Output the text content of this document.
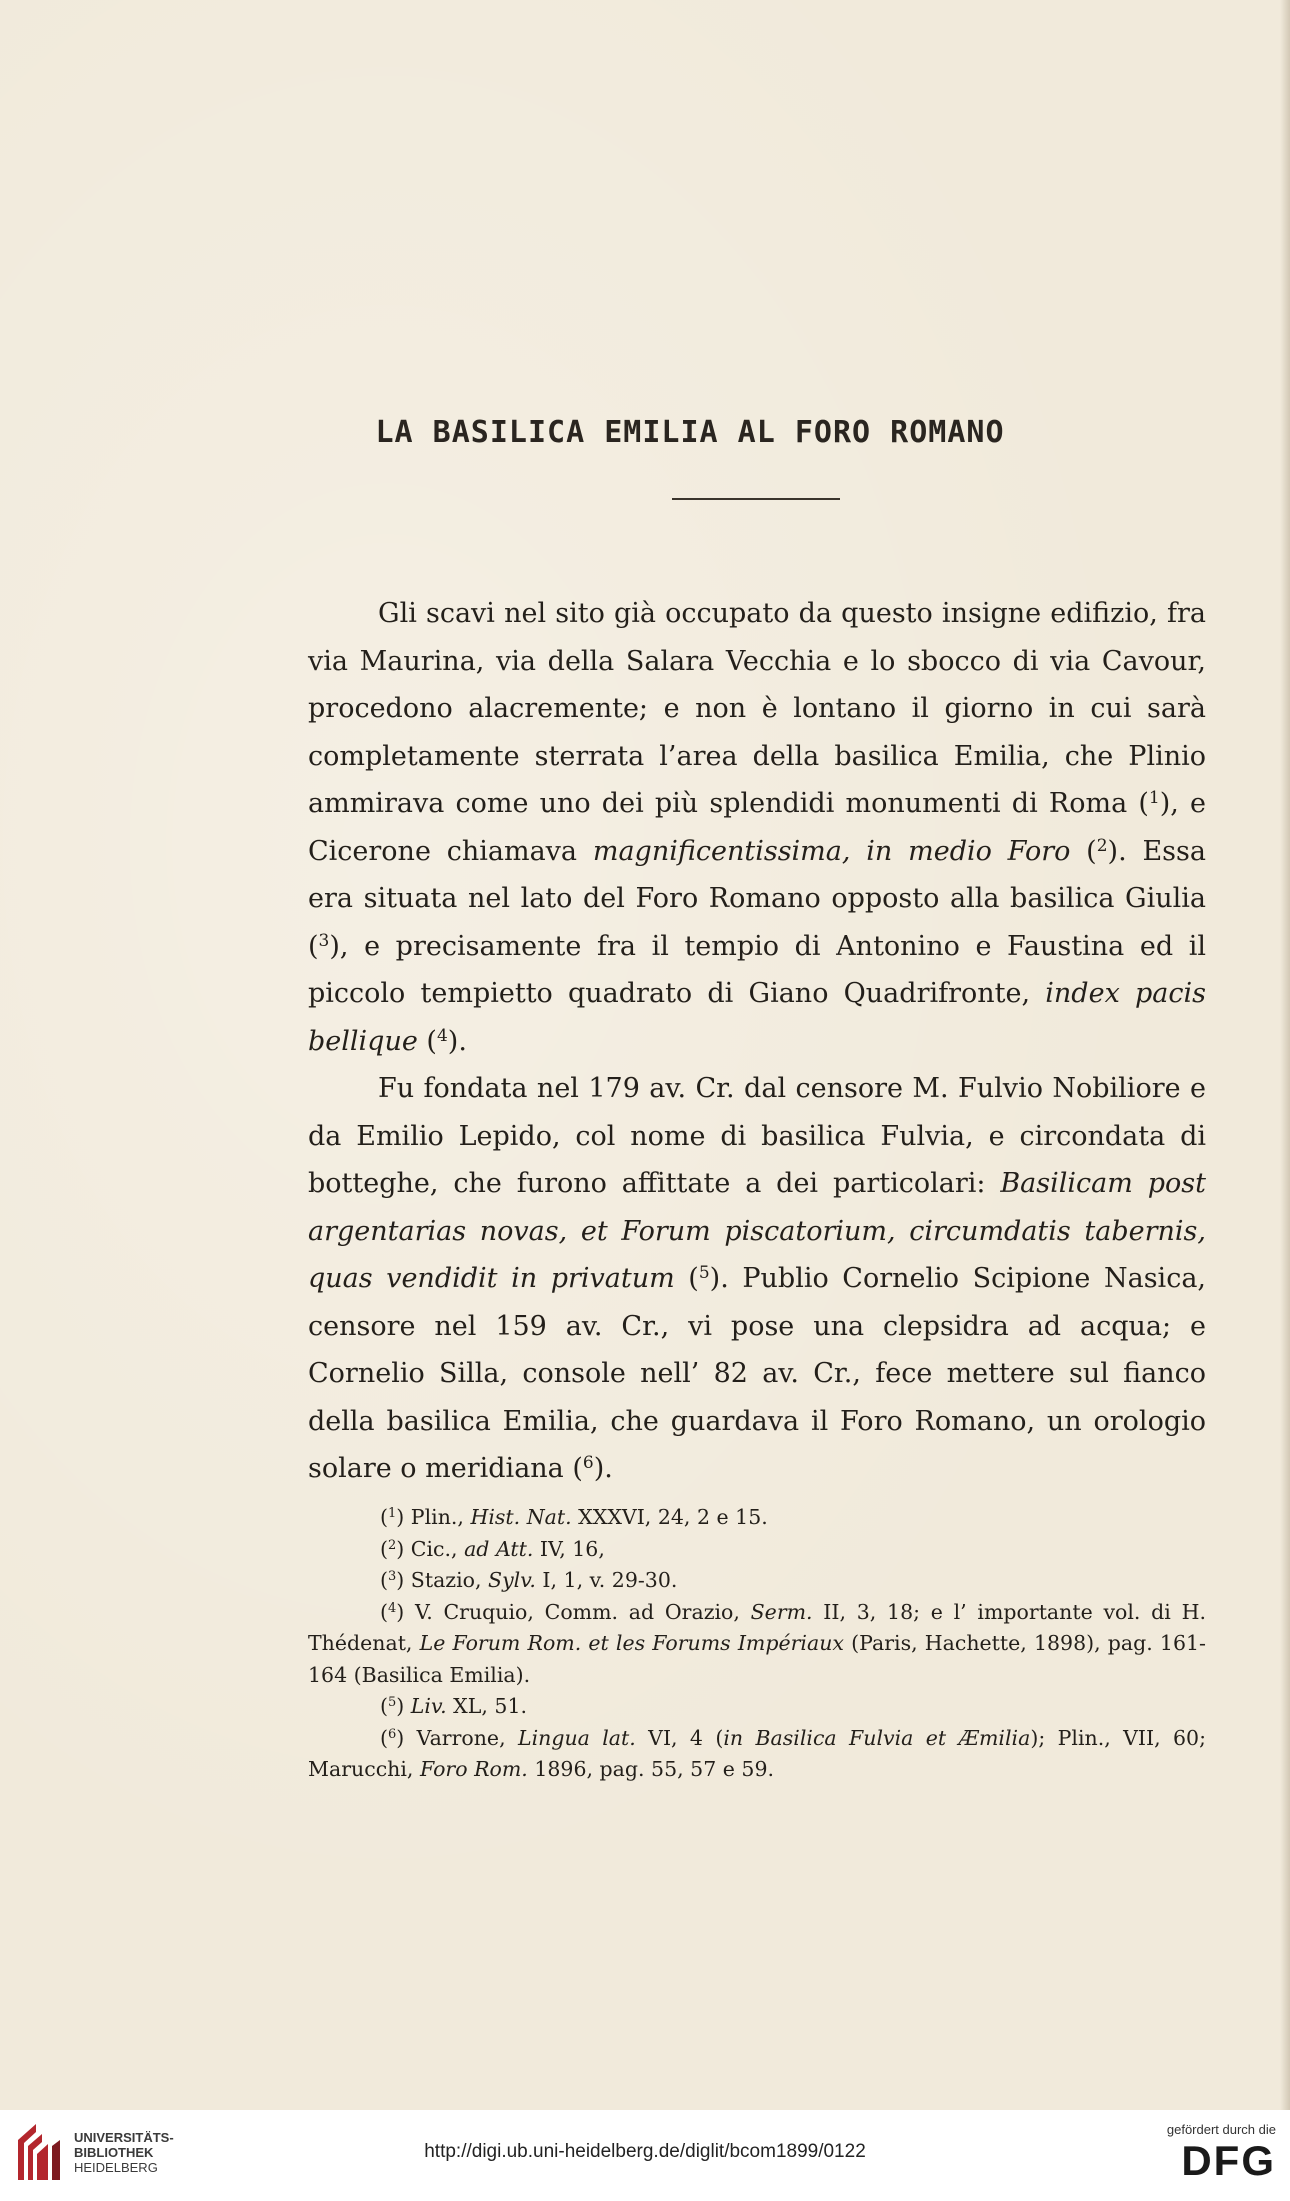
LA BASILICA EMILIA AL FORO ROMANO

Gli scavi nel sito già occupato da questo insigne edifizio, fra via Maurina, via della Salara Vecchia e lo sbocco di via Cavour, procedono alacremente; e non è lontano il giorno in cui sarà completamente sterrata l’area della basilica Emilia, che Plinio ammirava come uno dei più splendidi monumenti di Roma ($^1$), e Cicerone chiamava magnificentissima, in medio Foro ($^2$). Essa era situata nel lato del Foro Romano opposto alla basilica Giulia ($^3$), e precisamente fra il tempio di Antonino e Faustina ed il piccolo tempietto quadrato di Giano Quadrifronte, index pacis bellique ($^4$).

Fu fondata nel 179 av. Cr. dal censore M. Fulvio Nobiliore e da Emilio Lepido, col nome di basilica Fulvia, e circondata di botteghe, che furono affittate a dei particolari: Basilicam post argentarias novas, et Forum piscatorium, circumdatis tabernis, quas vendidit in privatum ($^5$). Publio Cornelio Scipione Nasica, censore nel 159 av. Cr., vi pose una clepsidra ad acqua; e Cornelio Silla, console nell’ 82 av. Cr., fece mettere sul fianco della basilica Emilia, che guardava il Foro Romano, un orologio solare o meridiana ($^6$).

($^1$) Plin., Hist. Nat. XXXVI, 24, 2 e 15.

($^2$) Cic., ad Att. IV, 16,

($^3$) Stazio, Sylv. I, 1, v. 29-30.

($^4$) V. Cruquio, Comm. ad Orazio, Serm. II, 3, 18; e l’ importante vol. di H. Thédenat, Le Forum Rom. et les Forums Impériaux (Paris, Hachette, 1898), pag. 161-164 (Basilica Emilia).

($^5$) Liv. XL, 51.

($^6$) Varrone, Lingua lat. VI, 4 (in Basilica Fulvia et Æmilia); Plin., VII, 60; Marucchi, Foro Rom. 1896, pag. 55, 57 e 59.

UNIVERSITÄTS-
BIBLIOTHEK
HEIDELBERG
http://digi.ub.uni-heidelberg.de/diglit/bcom1899/0122
gefördert durch die
DFG
